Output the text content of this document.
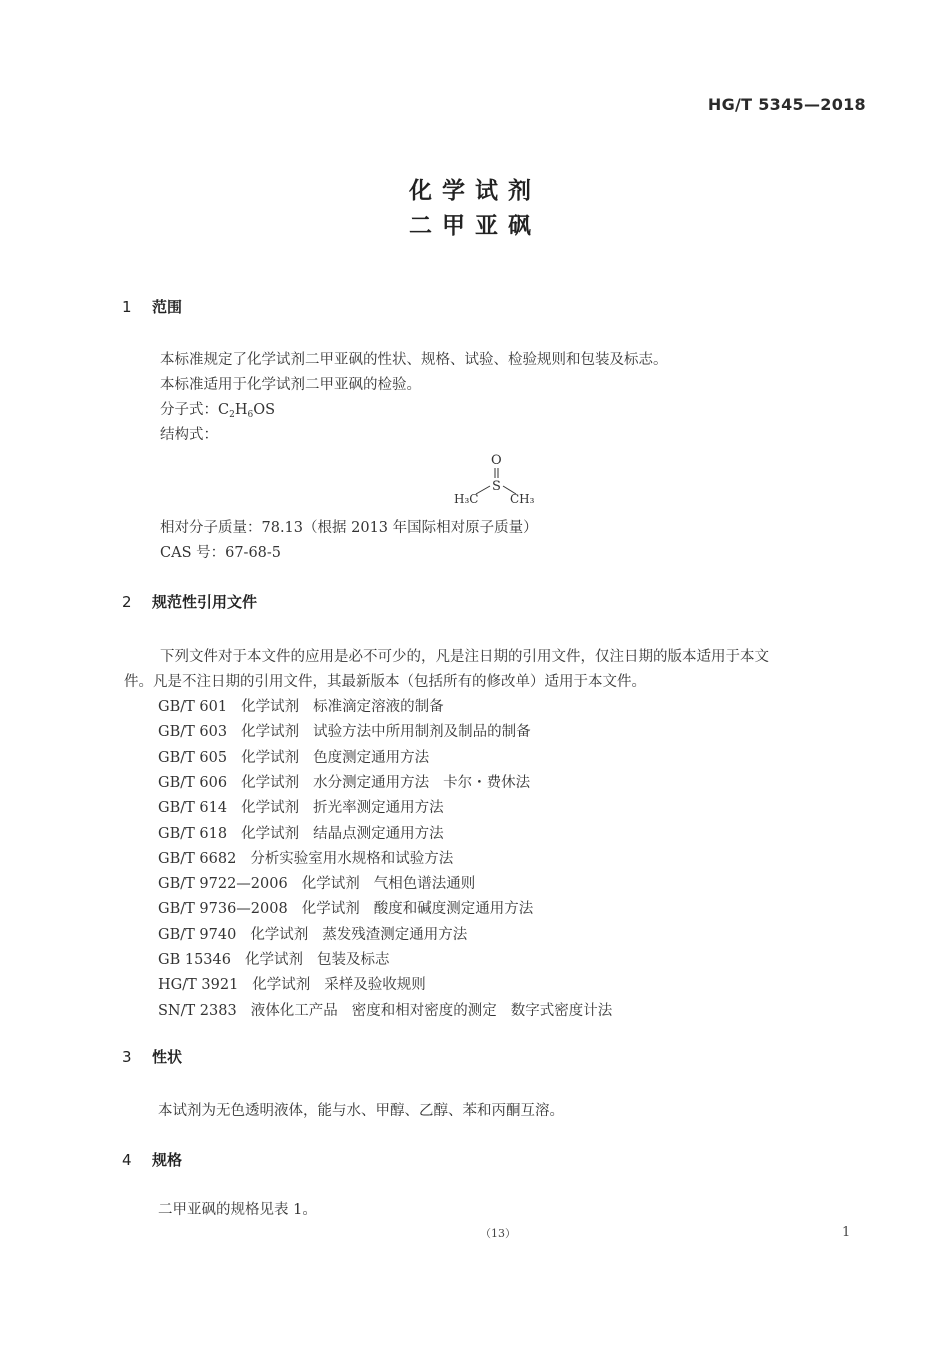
HG/T 5345—2018
化学试剂
二甲亚砜
1 范围
本标准规定了化学试剂二甲亚砜的性状、规格、试验、检验规则和包装及标志。
本标准适用于化学试剂二甲亚砜的检验。
分子式：$C_2H_6OS$
结构式：
O
S
H₃C	CH₃
相对分子质量：78.13（根据 2013 年国际相对原子质量）
CAS 号：67-68-5
2 规范性引用文件
下列文件对于本文件的应用是必不可少的，凡是注日期的引用文件，仅注日期的版本适用于本文
件。凡是不注日期的引用文件，其最新版本（包括所有的修改单）适用于本文件。
GB/T 601 化学试剂 标准滴定溶液的制备
GB/T 603 化学试剂 试验方法中所用制剂及制品的制备
GB/T 605 化学试剂 色度测定通用方法
GB/T 606 化学试剂 水分测定通用方法 卡尔・费休法
GB/T 614 化学试剂 折光率测定通用方法
GB/T 618 化学试剂 结晶点测定通用方法
GB/T 6682 分析实验室用水规格和试验方法
GB/T 9722—2006 化学试剂 气相色谱法通则
GB/T 9736—2008 化学试剂 酸度和碱度测定通用方法
GB/T 9740 化学试剂 蒸发残渣测定通用方法
GB 15346 化学试剂 包装及标志
HG/T 3921 化学试剂 采样及验收规则
SN/T 2383 液体化工产品 密度和相对密度的测定 数字式密度计法
3 性状
本试剂为无色透明液体，能与水、甲醇、乙醇、苯和丙酮互溶。
4 规格
二甲亚砜的规格见表 1。
（13）	1
